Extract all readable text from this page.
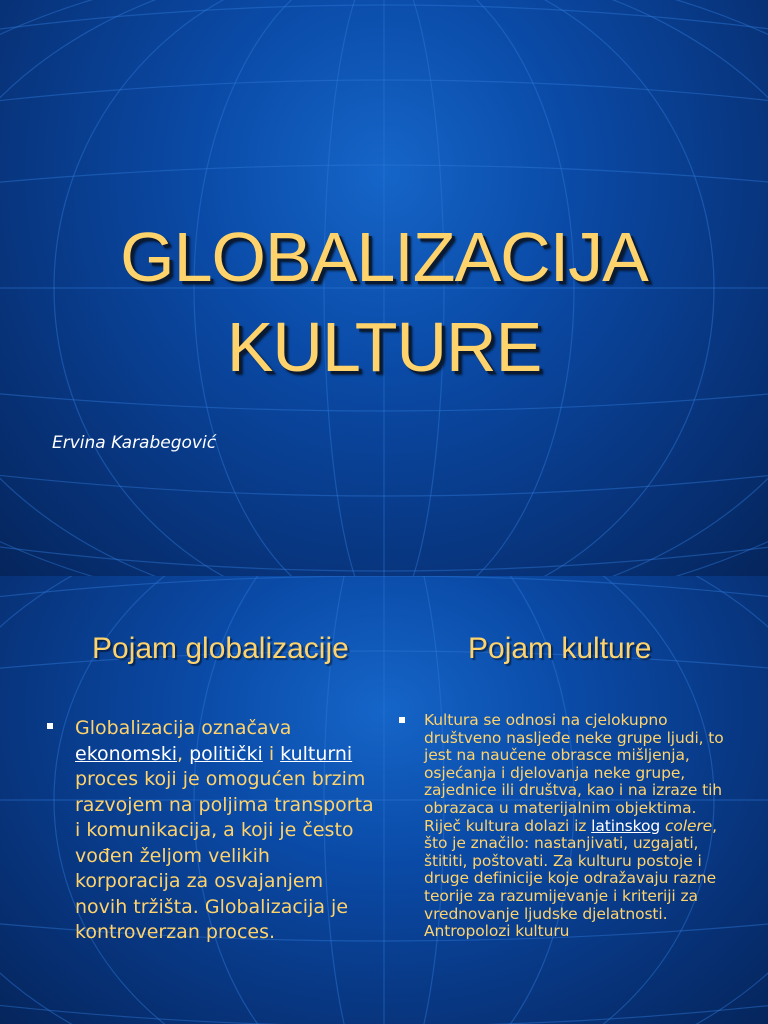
GLOBALIZACIJA
KULTURE
Ervina Karabegović
Pojam globalizacije	Pojam kulture
Globalizacija označava ekonomski, politički i kulturni proces koji je omogućen brzim razvojem na poljima transporta i komunikacija, a koji je često vođen željom velikih korporacija za osvajanjem novih tržišta. Globalizacija je kontroverzan proces.
Kultura se odnosi na cjelokupno društveno nasljeđe neke grupe ljudi, to jest na naučene obrasce mišljenja, osjećanja i djelovanja neke grupe, zajednice ili društva, kao i na izraze tih obrazaca u materijalnim objektima. Riječ kultura dolazi iz latinskog colere, što je značilo: nastanjivati, uzgajati, štititi, poštovati. Za kulturu postoje i druge definicije koje odražavaju razne teorije za razumijevanje i kriteriji za vrednovanje ljudske djelatnosti. Antropolozi kulturu
